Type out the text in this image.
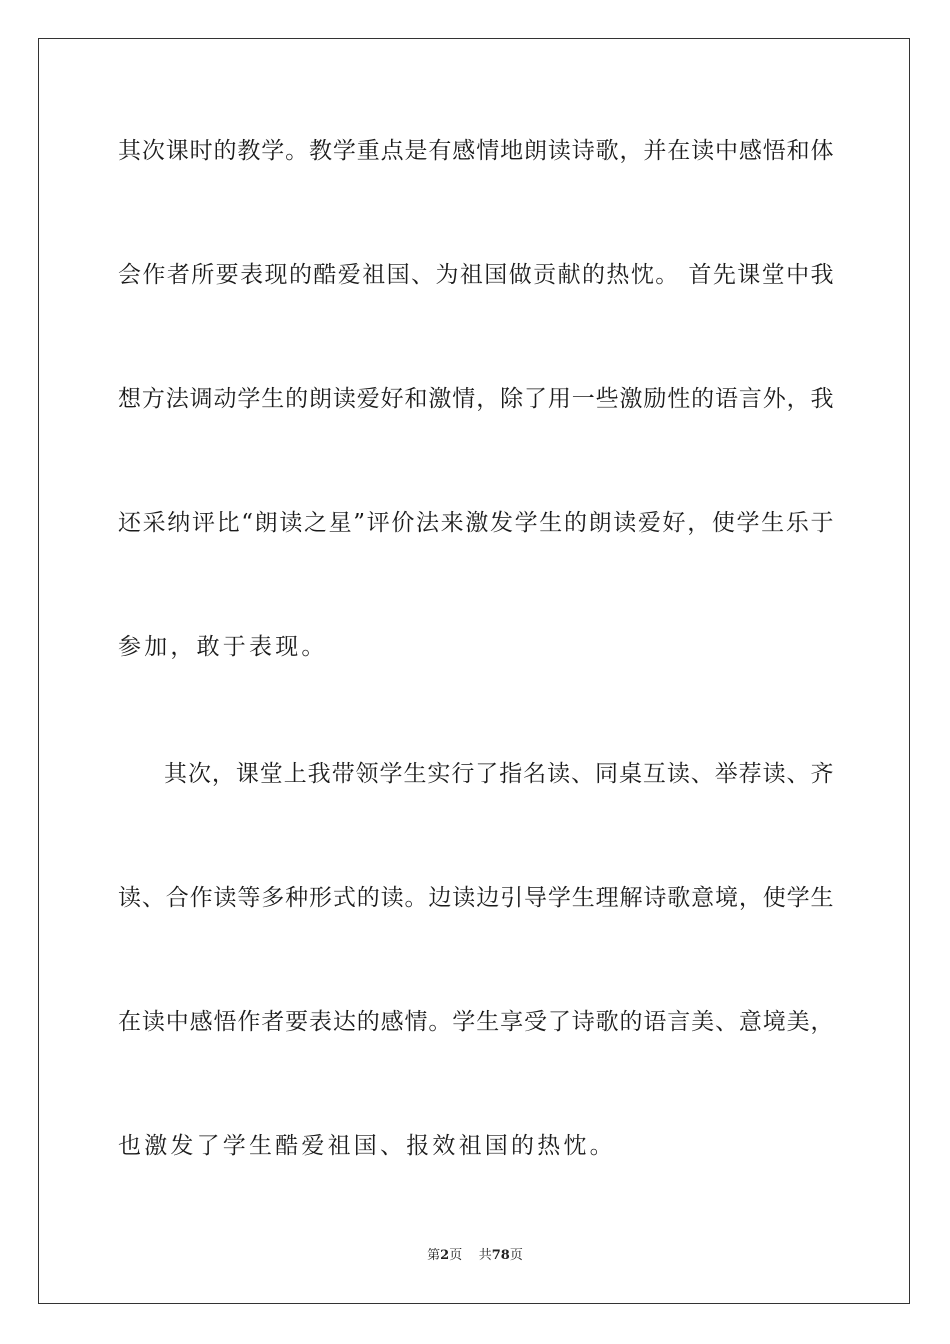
其次课时的教学。教学重点是有感情地朗读诗歌，并在读中感悟和体
会作者所要表现的酷爱祖国、为祖国做贡献的热忱。 首先课堂中我
想方法调动学生的朗读爱好和激情，除了用一些激励性的语言外，我
还采纳评比“朗读之星”评价法来激发学生的朗读爱好，使学生乐于
参加，敢于表现。
其次，课堂上我带领学生实行了指名读、同桌互读、举荐读、齐
读、合作读等多种形式的读。边读边引导学生理解诗歌意境，使学生
在读中感悟作者要表达的感情。学生享受了诗歌的语言美、意境美，
也激发了学生酷爱祖国、报效祖国的热忱。
第2页 共78页
